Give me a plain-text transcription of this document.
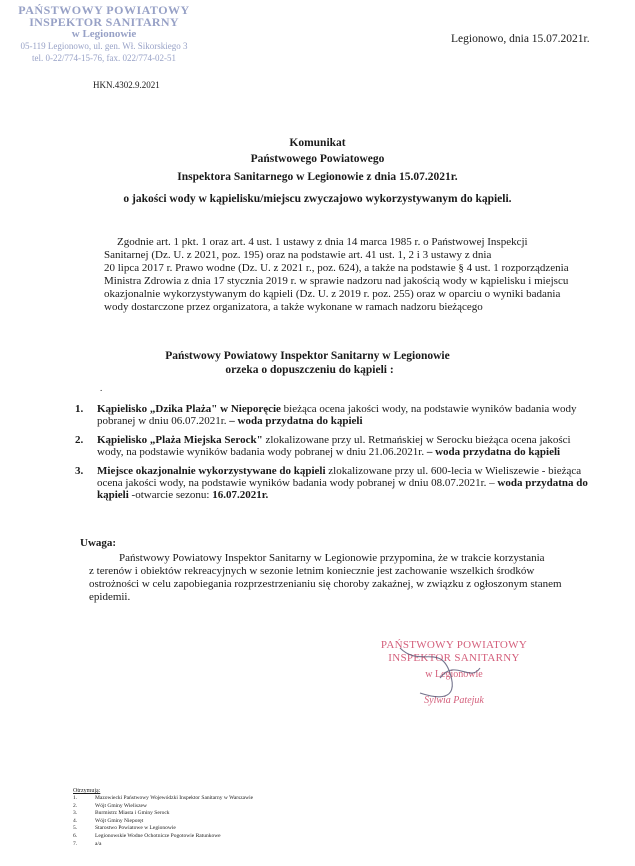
PAŃSTWOWY POWIATOWY
INSPEKTOR SANITARNY
w Legionowie
05-119 Legionowo, ul. gen. Wł. Sikorskiego 3
tel. 0-22/774-15-76, fax. 022/774-02-51
Legionowo, dnia 15.07.2021r.
HKN.4302.9.2021
Komunikat
Państwowego Powiatowego
Inspektora Sanitarnego w Legionowie z dnia 15.07.2021r.
o jakości wody w kąpielisku/miejscu zwyczajowo wykorzystywanym do kąpieli.
Zgodnie art. 1 pkt. 1 oraz art. 4 ust. 1 ustawy z dnia 14 marca 1985 r. o Państwowej Inspekcji
Sanitarnej (Dz. U. z 2021, poz. 195) oraz na podstawie art. 41 ust. 1, 2 i 3 ustawy z dnia
20 lipca 2017 r. Prawo wodne (Dz. U. z 2021 r., poz. 624), a także na podstawie § 4 ust. 1 rozporządzenia
Ministra Zdrowia z dnia 17 stycznia 2019 r. w sprawie nadzoru nad jakością wody w kąpielisku i miejscu
okazjonalnie wykorzystywanym do kąpieli (Dz. U. z 2019 r. poz. 255) oraz w oparciu o wyniki badania
wody dostarczone przez organizatora, a także wykonane w ramach nadzoru bieżącego
Państwowy Powiatowy Inspektor Sanitarny w Legionowie
orzeka o dopuszczeniu do kąpieli :
.
1. Kąpielisko „Dzika Plaża" w Nieporęcie bieżąca ocena jakości wody, na podstawie wyników badania wody pobranej w dniu 06.07.2021r. – woda przydatna do kąpieli
2. Kąpielisko „Plaża Miejska Serock" zlokalizowane przy ul. Retmańskiej w Serocku bieżąca ocena jakości wody, na podstawie wyników badania wody pobranej w dniu 21.06.2021r. – woda przydatna do kąpieli
3. Miejsce okazjonalnie wykorzystywane do kąpieli zlokalizowane przy ul. 600-lecia w Wieliszewie - bieżąca ocena jakości wody, na podstawie wyników badania wody pobranej w dniu 08.07.2021r. – woda przydatna do kąpieli -otwarcie sezonu: 16.07.2021r.
Uwaga:
Państwowy Powiatowy Inspektor Sanitarny w Legionowie przypomina, że w trakcie korzystania
z terenów i obiektów rekreacyjnych w sezonie letnim koniecznie jest zachowanie wszelkich środków
ostrożności w celu zapobiegania rozprzestrzenianiu się choroby zakaźnej, w związku z ogłoszonym stanem
epidemii.
PAŃSTWOWY POWIATOWY
INSPEKTOR SANITARNY
w Legionowie
Sylwia Patejuk
Otrzymują:
1.	Mazowiecki Państwowy Wojewódzki Inspektor Sanitarny w Warszawie
2.	Wójt Gminy Wieliszew
3.	Burmistrz Miasta i Gminy Serock
4.	Wójt Gminy Nieporęt
5.	Starostwo Powiatowe w Legionowie
6.	Legionowskie Wodne Ochotnicze Pogotowie Ratunkowe
7.	a/a
